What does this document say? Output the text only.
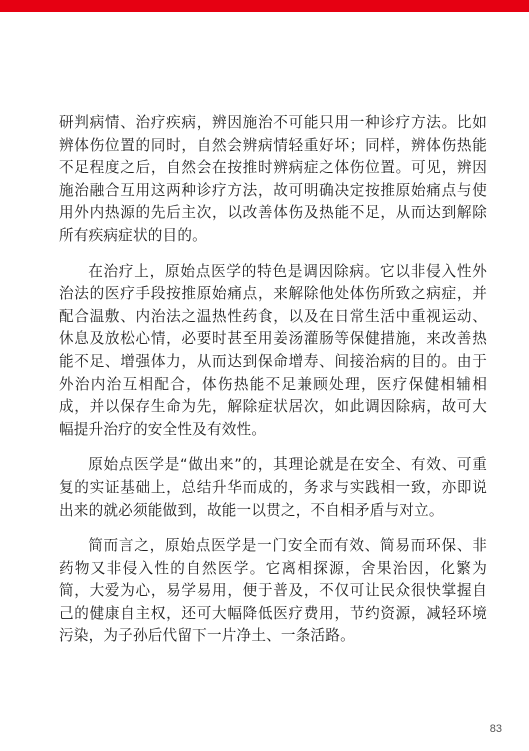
研判病情、治疗疾病，辨因施治不可能只用一种诊疗方法。比如辨体伤位置的同时，自然会辨病情轻重好坏；同样，辨体伤热能不足程度之后，自然会在按推时辨病症之体伤位置。可见，辨因施治融合互用这两种诊疗方法，故可明确决定按推原始痛点与使用外内热源的先后主次，以改善体伤及热能不足，从而达到解除所有疾病症状的目的。

在治疗上，原始点医学的特色是调因除病。它以非侵入性外治法的医疗手段按推原始痛点，来解除他处体伤所致之病症，并配合温敷、内治法之温热性药食，以及在日常生活中重视运动、休息及放松心情，必要时甚至用姜汤灌肠等保健措施，来改善热能不足、增强体力，从而达到保命增寿、间接治病的目的。由于外治内治互相配合，体伤热能不足兼顾处理，医疗保健相辅相成，并以保存生命为先，解除症状居次，如此调因除病，故可大幅提升治疗的安全性及有效性。

原始点医学是“做出来”的，其理论就是在安全、有效、可重复的实证基础上，总结升华而成的，务求与实践相一致，亦即说出来的就必须能做到，故能一以贯之，不自相矛盾与对立。

简而言之，原始点医学是一门安全而有效、简易而环保、非药物又非侵入性的自然医学。它离相探源，舍果治因，化繁为简，大爱为心，易学易用，便于普及，不仅可让民众很快掌握自己的健康自主权，还可大幅降低医疗费用，节约资源，减轻环境污染，为子孙后代留下一片净土、一条活路。

83
